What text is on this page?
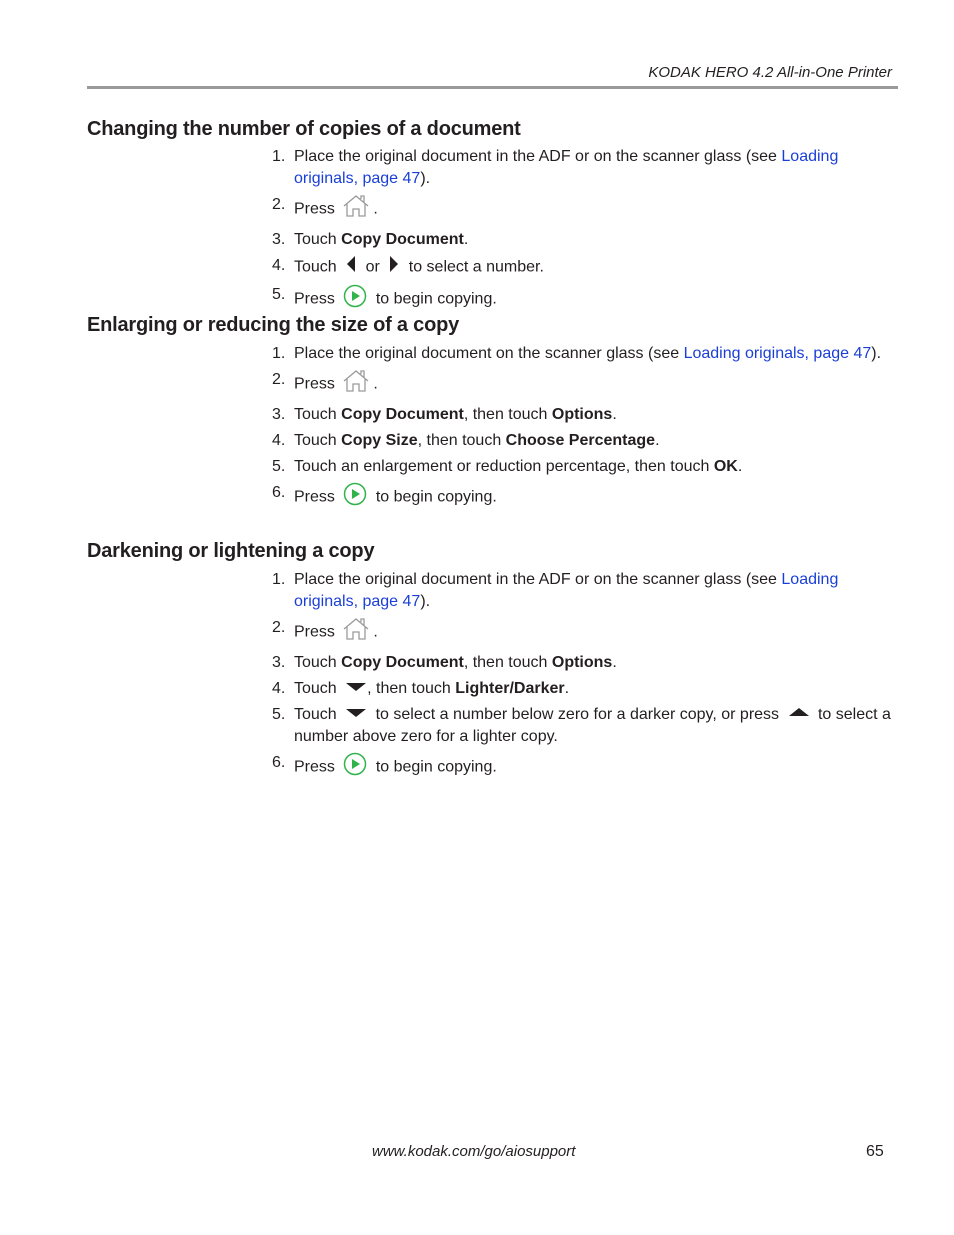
KODAK HERO 4.2 All-in-One Printer
Changing the number of copies of a document
1. Place the original document in the ADF or on the scanner glass (see Loading originals, page 47).
2. Press .
3. Touch Copy Document.
4. Touch or to select a number.
5. Press	to begin copying.
Enlarging or reducing the size of a copy
1. Place the original document on the scanner glass (see Loading originals, page 47).
2. Press .
3. Touch Copy Document, then touch Options.
4. Touch Copy Size, then touch Choose Percentage.
5. Touch an enlargement or reduction percentage, then touch OK.
6. Press	to begin copying.
Darkening or lightening a copy
1. Place the original document in the ADF or on the scanner glass (see Loading originals, page 47).
2. Press .
3. Touch Copy Document, then touch Options.
4. Touch , then touch Lighter/Darker.
5. Touch to select a number below zero for a darker copy, or press to select a number above zero for a lighter copy.
6. Press	to begin copying.
www.kodak.com/go/aiosupport	65
